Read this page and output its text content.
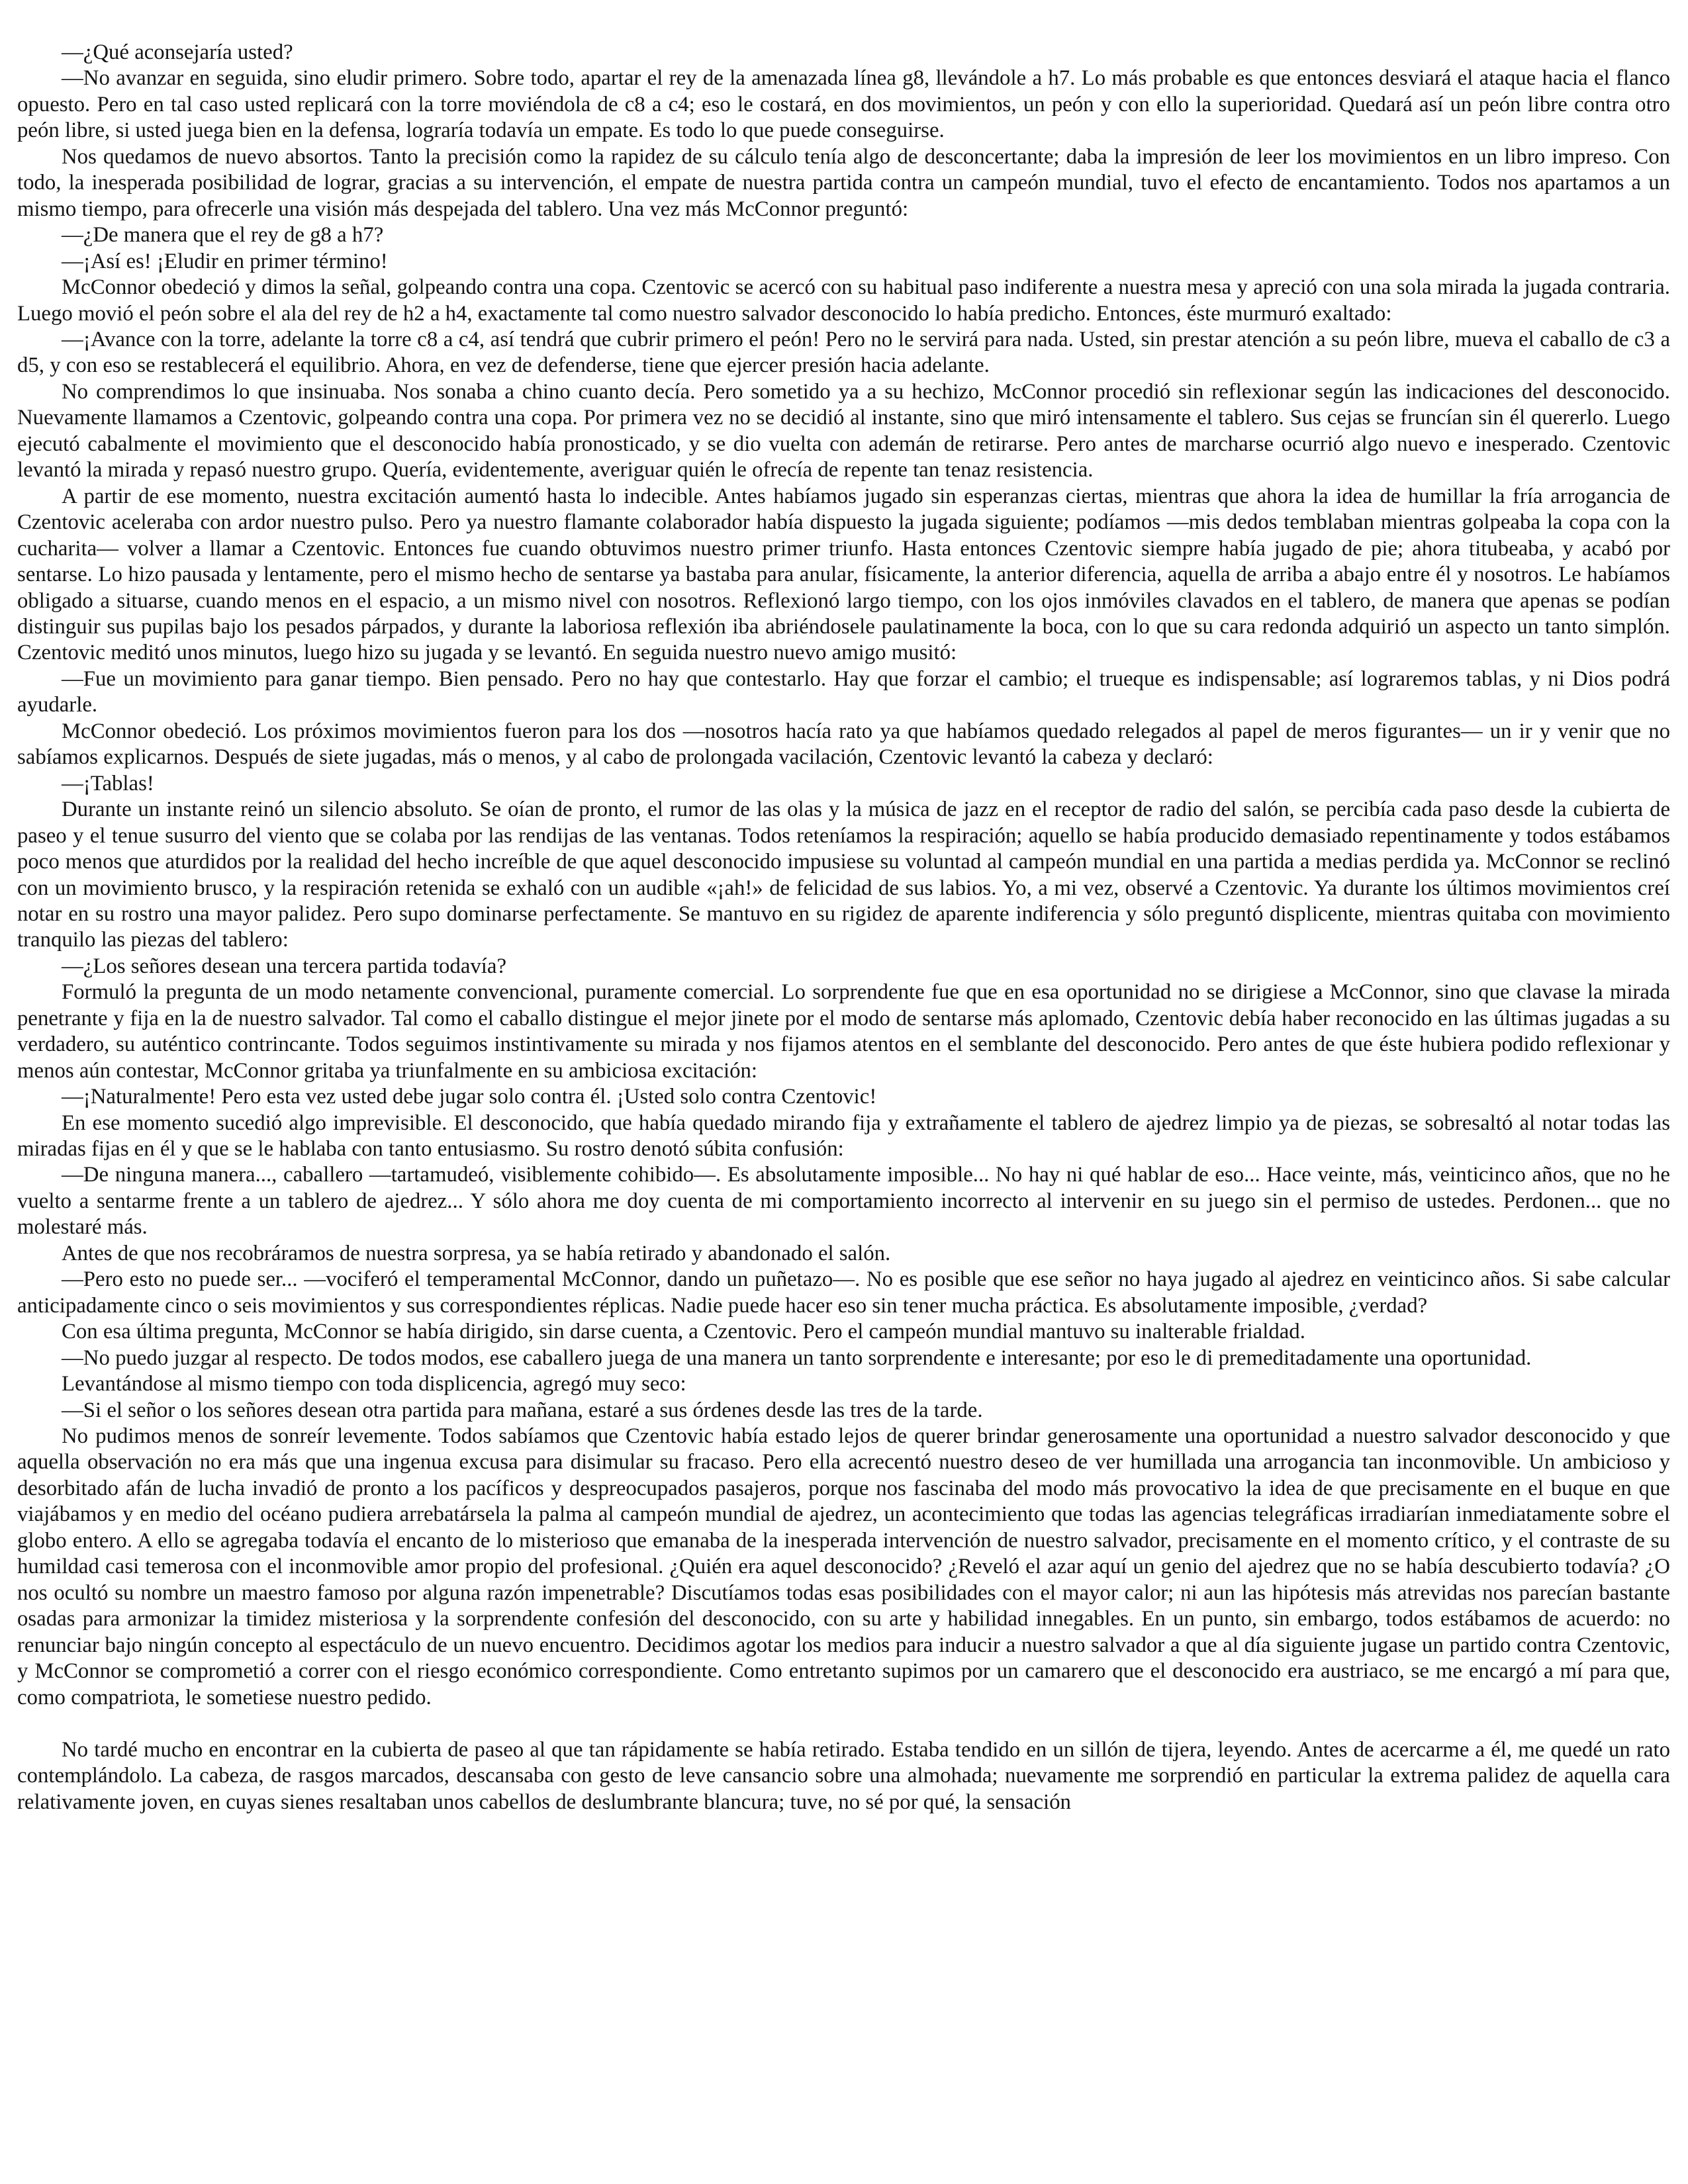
—¿Qué aconsejaría usted?

—No avanzar en seguida, sino eludir primero. Sobre todo, apartar el rey de la amenazada línea g8, llevándole a h7. Lo más probable es que entonces desviará el ataque hacia el flanco opuesto. Pero en tal caso usted replicará con la torre moviéndola de c8 a c4; eso le costará, en dos movimientos, un peón y con ello la superioridad. Quedará así un peón libre contra otro peón libre, si usted juega bien en la defensa, lograría todavía un empate. Es todo lo que puede conseguirse.

Nos quedamos de nuevo absortos. Tanto la precisión como la rapidez de su cálculo tenía algo de desconcertante; daba la impresión de leer los movimientos en un libro impreso. Con todo, la inesperada posibilidad de lograr, gracias a su intervención, el empate de nuestra partida contra un campeón mundial, tuvo el efecto de encantamiento. Todos nos apartamos a un mismo tiempo, para ofrecerle una visión más despejada del tablero. Una vez más McConnor preguntó:

—¿De manera que el rey de g8 a h7?

—¡Así es! ¡Eludir en primer término!

McConnor obedeció y dimos la señal, golpeando contra una copa. Czentovic se acercó con su habitual paso indiferente a nuestra mesa y apreció con una sola mirada la jugada contraria. Luego movió el peón sobre el ala del rey de h2 a h4, exactamente tal como nuestro salvador desconocido lo había predicho. Entonces, éste murmuró exaltado:

—¡Avance con la torre, adelante la torre c8 a c4, así tendrá que cubrir primero el peón! Pero no le servirá para nada. Usted, sin prestar atención a su peón libre, mueva el caballo de c3 a d5, y con eso se restablecerá el equilibrio. Ahora, en vez de defenderse, tiene que ejercer presión hacia adelante.

No comprendimos lo que insinuaba. Nos sonaba a chino cuanto decía. Pero sometido ya a su hechizo, McConnor procedió sin reflexionar según las indicaciones del desconocido. Nuevamente llamamos a Czentovic, golpeando contra una copa. Por primera vez no se decidió al instante, sino que miró intensamente el tablero. Sus cejas se fruncían sin él quererlo. Luego ejecutó cabalmente el movimiento que el desconocido había pronosticado, y se dio vuelta con ademán de retirarse. Pero antes de marcharse ocurrió algo nuevo e inesperado. Czentovic levantó la mirada y repasó nuestro grupo. Quería, evidentemente, averiguar quién le ofrecía de repente tan tenaz resistencia.

A partir de ese momento, nuestra excitación aumentó hasta lo indecible. Antes habíamos jugado sin esperanzas ciertas, mientras que ahora la idea de humillar la fría arrogancia de Czentovic aceleraba con ardor nuestro pulso. Pero ya nuestro flamante colaborador había dispuesto la jugada siguiente; podíamos —mis dedos temblaban mientras golpeaba la copa con la cucharita— volver a llamar a Czentovic. Entonces fue cuando obtuvimos nuestro primer triunfo. Hasta entonces Czentovic siempre había jugado de pie; ahora titubeaba, y acabó por sentarse. Lo hizo pausada y lentamente, pero el mismo hecho de sentarse ya bastaba para anular, físicamente, la anterior diferencia, aquella de arriba a abajo entre él y nosotros. Le habíamos obligado a situarse, cuando menos en el espacio, a un mismo nivel con nosotros. Reflexionó largo tiempo, con los ojos inmóviles clavados en el tablero, de manera que apenas se podían distinguir sus pupilas bajo los pesados párpados, y durante la laboriosa reflexión iba abriéndosele paulatinamente la boca, con lo que su cara redonda adquirió un aspecto un tanto simplón. Czentovic meditó unos minutos, luego hizo su jugada y se levantó. En seguida nuestro nuevo amigo musitó:

—Fue un movimiento para ganar tiempo. Bien pensado. Pero no hay que contestarlo. Hay que forzar el cambio; el trueque es indispensable; así lograremos tablas, y ni Dios podrá ayudarle.

McConnor obedeció. Los próximos movimientos fueron para los dos —nosotros hacía rato ya que habíamos quedado relegados al papel de meros figurantes— un ir y venir que no sabíamos explicarnos. Después de siete jugadas, más o menos, y al cabo de prolongada vacilación, Czentovic levantó la cabeza y declaró:

—¡Tablas!

Durante un instante reinó un silencio absoluto. Se oían de pronto, el rumor de las olas y la música de jazz en el receptor de radio del salón, se percibía cada paso desde la cubierta de paseo y el tenue susurro del viento que se colaba por las rendijas de las ventanas. Todos reteníamos la respiración; aquello se había producido demasiado repentinamente y todos estábamos poco menos que aturdidos por la realidad del hecho increíble de que aquel desconocido impusiese su voluntad al campeón mundial en una partida a medias perdida ya. McConnor se reclinó con un movimiento brusco, y la respiración retenida se exhaló con un audible «¡ah!» de felicidad de sus labios. Yo, a mi vez, observé a Czentovic. Ya durante los últimos movimientos creí notar en su rostro una mayor palidez. Pero supo dominarse perfectamente. Se mantuvo en su rigidez de aparente indiferencia y sólo preguntó displicente, mientras quitaba con movimiento tranquilo las piezas del tablero:

—¿Los señores desean una tercera partida todavía?

Formuló la pregunta de un modo netamente convencional, puramente comercial. Lo sorprendente fue que en esa oportunidad no se dirigiese a McConnor, sino que clavase la mirada penetrante y fija en la de nuestro salvador. Tal como el caballo distingue el mejor jinete por el modo de sentarse más aplomado, Czentovic debía haber reconocido en las últimas jugadas a su verdadero, su auténtico contrincante. Todos seguimos instintivamente su mirada y nos fijamos atentos en el semblante del desconocido. Pero antes de que éste hubiera podido reflexionar y menos aún contestar, McConnor gritaba ya triunfalmente en su ambiciosa excitación:

—¡Naturalmente! Pero esta vez usted debe jugar solo contra él. ¡Usted solo contra Czentovic!

En ese momento sucedió algo imprevisible. El desconocido, que había quedado mirando fija y extrañamente el tablero de ajedrez limpio ya de piezas, se sobresaltó al notar todas las miradas fijas en él y que se le hablaba con tanto entusiasmo. Su rostro denotó súbita confusión:

—De ninguna manera..., caballero —tartamudeó, visiblemente cohibido—. Es absolutamente imposible... No hay ni qué hablar de eso... Hace veinte, más, veinticinco años, que no he vuelto a sentarme frente a un tablero de ajedrez... Y sólo ahora me doy cuenta de mi comportamiento incorrecto al intervenir en su juego sin el permiso de ustedes. Perdonen... que no molestaré más.

Antes de que nos recobráramos de nuestra sorpresa, ya se había retirado y abandonado el salón.

—Pero esto no puede ser... —vociferó el temperamental McConnor, dando un puñetazo—. No es posible que ese señor no haya jugado al ajedrez en veinticinco años. Si sabe calcular anticipadamente cinco o seis movimientos y sus correspondientes réplicas. Nadie puede hacer eso sin tener mucha práctica. Es absolutamente imposible, ¿verdad?

Con esa última pregunta, McConnor se había dirigido, sin darse cuenta, a Czentovic. Pero el campeón mundial mantuvo su inalterable frialdad.

—No puedo juzgar al respecto. De todos modos, ese caballero juega de una manera un tanto sorprendente e interesante; por eso le di premeditadamente una oportunidad.

Levantándose al mismo tiempo con toda displicencia, agregó muy seco:

—Si el señor o los señores desean otra partida para mañana, estaré a sus órdenes desde las tres de la tarde.

No pudimos menos de sonreír levemente. Todos sabíamos que Czentovic había estado lejos de querer brindar generosamente una oportunidad a nuestro salvador desconocido y que aquella observación no era más que una ingenua excusa para disimular su fracaso. Pero ella acrecentó nuestro deseo de ver humillada una arrogancia tan inconmovible. Un ambicioso y desorbitado afán de lucha invadió de pronto a los pacíficos y despreocupados pasajeros, porque nos fascinaba del modo más provocativo la idea de que precisamente en el buque en que viajábamos y en medio del océano pudiera arrebatársela la palma al campeón mundial de ajedrez, un acontecimiento que todas las agencias telegráficas irradiarían inmediatamente sobre el globo entero. A ello se agregaba todavía el encanto de lo misterioso que emanaba de la inesperada intervención de nuestro salvador, precisamente en el momento crítico, y el contraste de su humildad casi temerosa con el inconmovible amor propio del profesional. ¿Quién era aquel desconocido? ¿Reveló el azar aquí un genio del ajedrez que no se había descubierto todavía? ¿O nos ocultó su nombre un maestro famoso por alguna razón impenetrable? Discutíamos todas esas posibilidades con el mayor calor; ni aun las hipótesis más atrevidas nos parecían bastante osadas para armonizar la timidez misteriosa y la sorprendente confesión del desconocido, con su arte y habilidad innegables. En un punto, sin embargo, todos estábamos de acuerdo: no renunciar bajo ningún concepto al espectáculo de un nuevo encuentro. Decidimos agotar los medios para inducir a nuestro salvador a que al día siguiente jugase un partido contra Czentovic, y McConnor se comprometió a correr con el riesgo económico correspondiente. Como entretanto supimos por un camarero que el desconocido era austriaco, se me encargó a mí para que, como compatriota, le sometiese nuestro pedido.

No tardé mucho en encontrar en la cubierta de paseo al que tan rápidamente se había retirado. Estaba tendido en un sillón de tijera, leyendo. Antes de acercarme a él, me quedé un rato contemplándolo. La cabeza, de rasgos marcados, descansaba con gesto de leve cansancio sobre una almohada; nuevamente me sorprendió en particular la extrema palidez de aquella cara relativamente joven, en cuyas sienes resaltaban unos cabellos de deslumbrante blancura; tuve, no sé por qué, la sensación
